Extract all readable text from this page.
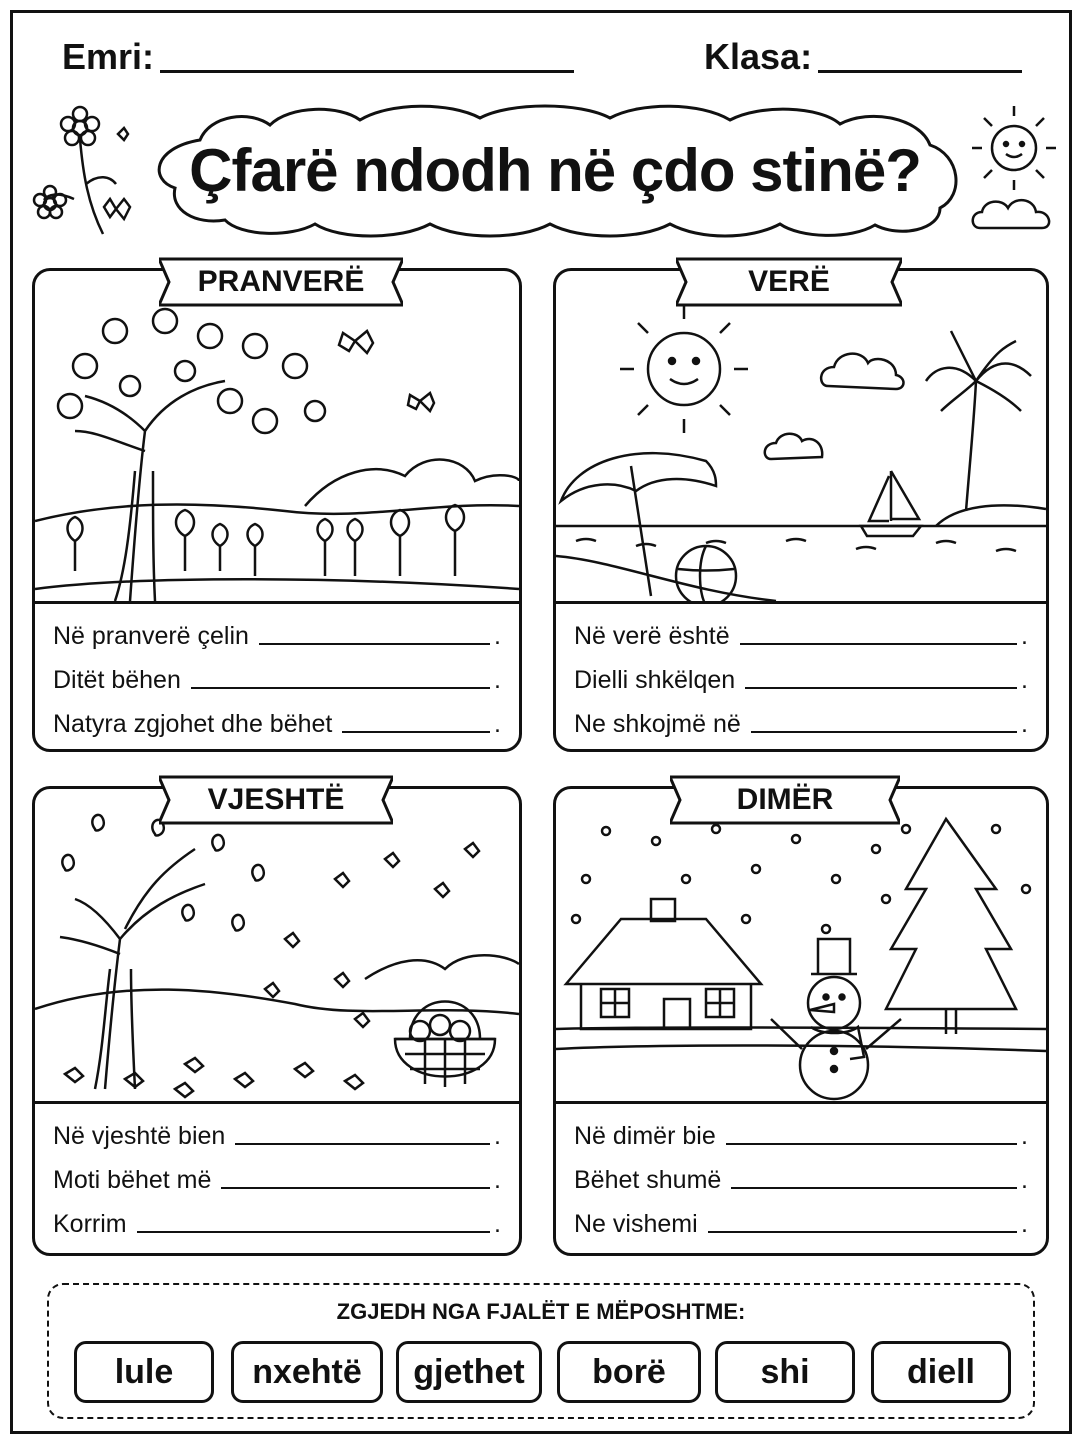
Emri:	Klasa:
Çfarë ndodh në çdo stinë?
PRANVERË
Në pranverë çelin	.
Ditët bëhen	.
Natyra zgjohet dhe bëhet	.
VERË
Në verë është	.
Dielli shkëlqen	.
Ne shkojmë në	.
VJESHTË
Në vjeshtë bien	.
Moti bëhet më	.
Korrim	.
DIMËR
Në dimër bie	.
Bëhet shumë	.
Ne vishemi	.
ZGJEDH NGA FJALËT E MËPOSHTME:
lule	nxehtë	gjethet	borë	shi	diell
